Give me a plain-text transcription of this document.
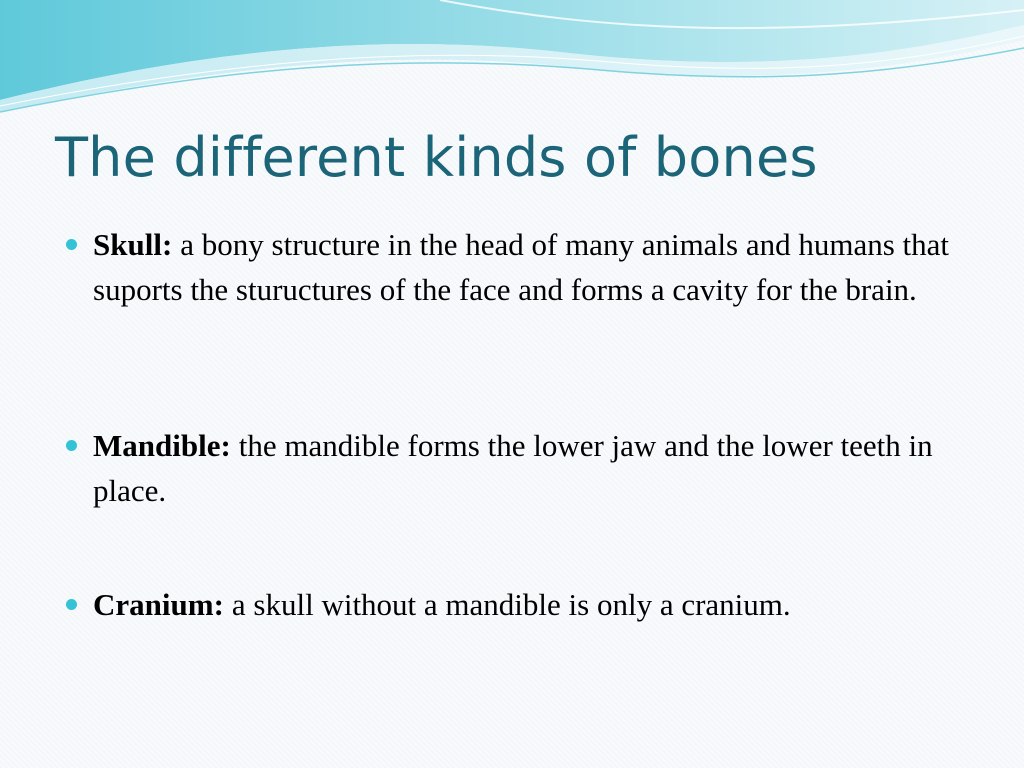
The different kinds of bones
Skull: a bony structure in the head of many animals and humans that suports the stuructures of the face and forms a cavity for the brain.
Mandible: the mandible forms the lower jaw and the lower teeth in place.
Cranium: a skull without a mandible is only a cranium.
